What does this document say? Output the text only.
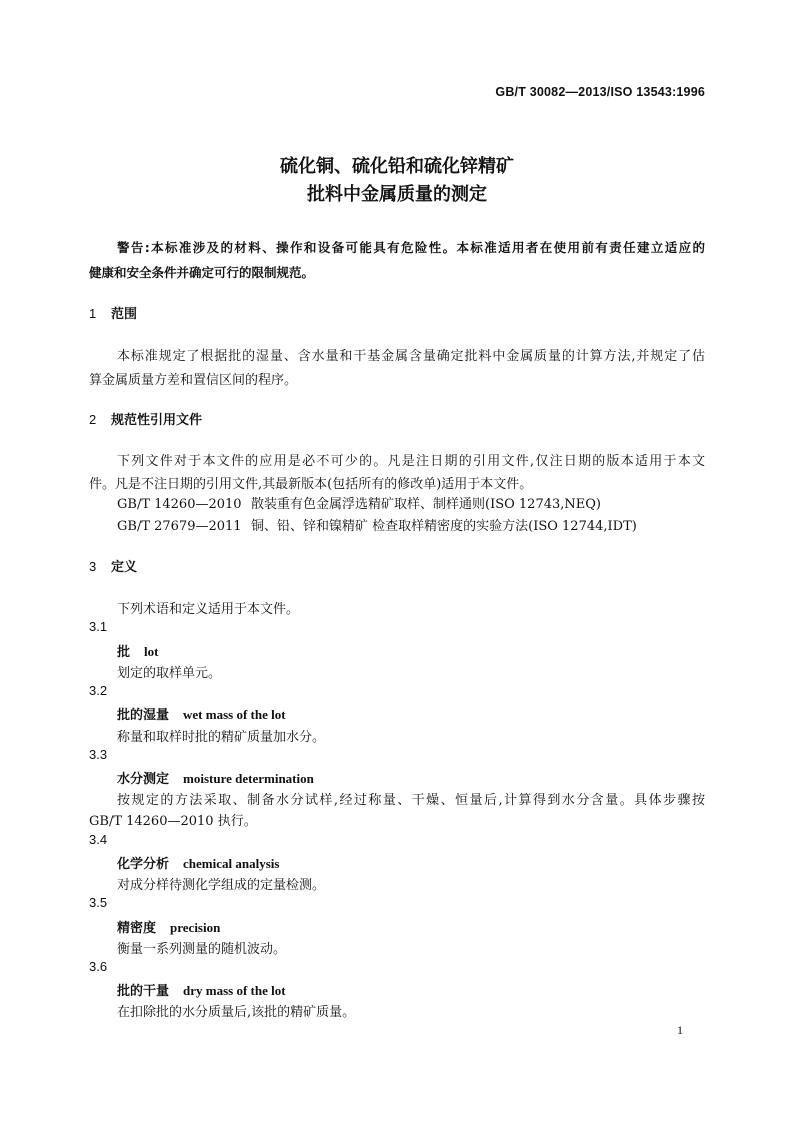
GB/T 30082—2013/ISO 13543:1996
硫化铜、硫化铅和硫化锌精矿
批料中金属质量的测定
警告:本标准涉及的材料、操作和设备可能具有危险性。本标准适用者在使用前有责任建立适应的
健康和安全条件并确定可行的限制规范。
1 范围
本标准规定了根据批的湿量、含水量和干基金属含量确定批料中金属质量的计算方法,并规定了估
算金属质量方差和置信区间的程序。
2 规范性引用文件
下列文件对于本文件的应用是必不可少的。凡是注日期的引用文件,仅注日期的版本适用于本文
件。凡是不注日期的引用文件,其最新版本(包括所有的修改单)适用于本文件。
GB/T 14260—2010 散装重有色金属浮选精矿取样、制样通则(ISO 12743,NEQ)
GB/T 27679—2011 铜、铅、锌和镍精矿 检查取样精密度的实验方法(ISO 12744,IDT)
3 定义
下列术语和定义适用于本文件。
3.1
批 lot
划定的取样单元。
3.2
批的湿量 wet mass of the lot
称量和取样时批的精矿质量加水分。
3.3
水分测定 moisture determination
按规定的方法采取、制备水分试样,经过称量、干燥、恒量后,计算得到水分含量。具体步骤按
GB/T 14260—2010 执行。
3.4
化学分析 chemical analysis
对成分样待测化学组成的定量检测。
3.5
精密度 precision
衡量一系列测量的随机波动。
3.6
批的干量 dry mass of the lot
在扣除批的水分质量后,该批的精矿质量。
1
